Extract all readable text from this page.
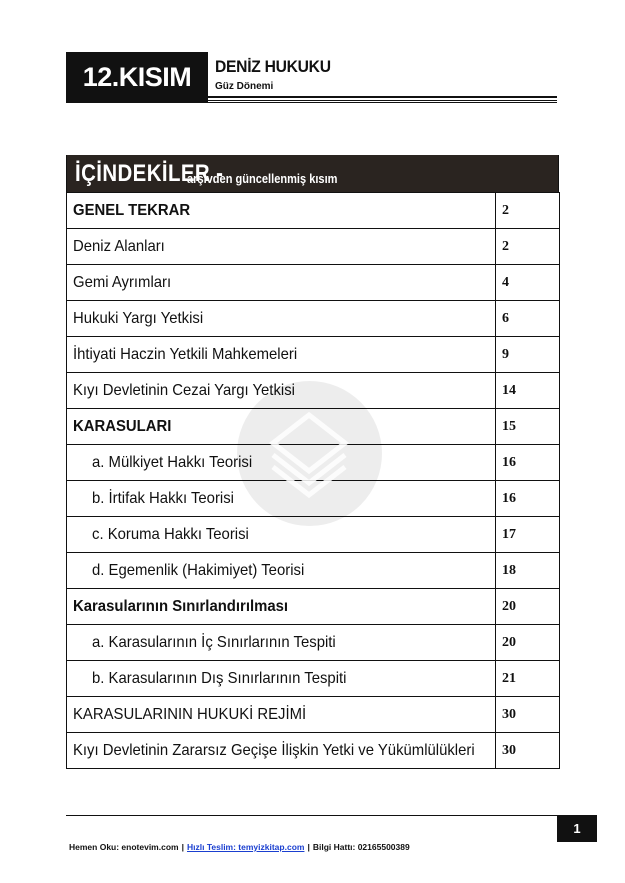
12.KISIM	DENİZ HUKUKU
Güz Dönemi
İÇİNDEKİLER -
arşivden güncellenmiş kısım
GENEL TEKRAR	2
Deniz Alanları	2
Gemi Ayrımları	4
Hukuki Yargı Yetkisi	6
İhtiyati Haczin Yetkili Mahkemeleri	9
Kıyı Devletinin Cezai Yargı Yetkisi	14
KARASULARI	15
a. Mülkiyet Hakkı Teorisi	16
b. İrtifak Hakkı Teorisi	16
c. Koruma Hakkı Teorisi	17
d. Egemenlik (Hakimiyet) Teorisi	18
Karasularının Sınırlandırılması	20
a. Karasularının İç Sınırlarının Tespiti	20
b. Karasularının Dış Sınırlarının Tespiti	21
KARASULARININ HUKUKİ REJİMİ	30
Kıyı Devletinin Zararsız Geçişe İlişkin Yetki ve Yükümlülükleri	30
1
Hemen Oku: enotevim.com | Hızlı Teslim: temyizkitap.com | Bilgi Hattı: 02165500389
